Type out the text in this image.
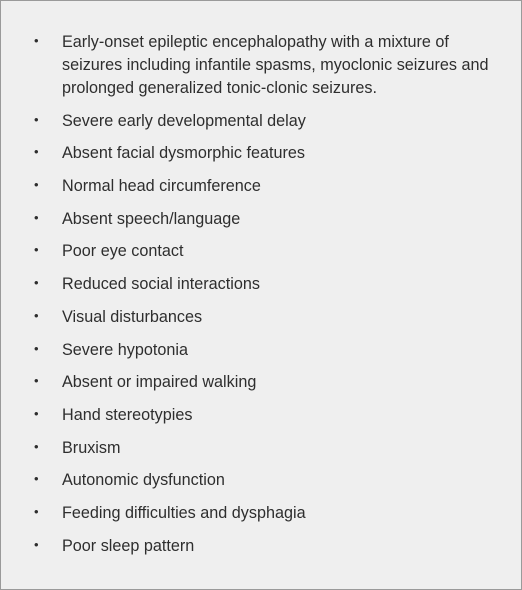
• Early-onset epileptic encephalopathy with a mixture of seizures including infantile spasms, myoclonic seizures and prolonged generalized tonic-clonic seizures.
• Severe early developmental delay
• Absent facial dysmorphic features
• Normal head circumference
• Absent speech/language
• Poor eye contact
• Reduced social interactions
• Visual disturbances
• Severe hypotonia
• Absent or impaired walking
• Hand stereotypies
• Bruxism
• Autonomic dysfunction
• Feeding difficulties and dysphagia
• Poor sleep pattern
